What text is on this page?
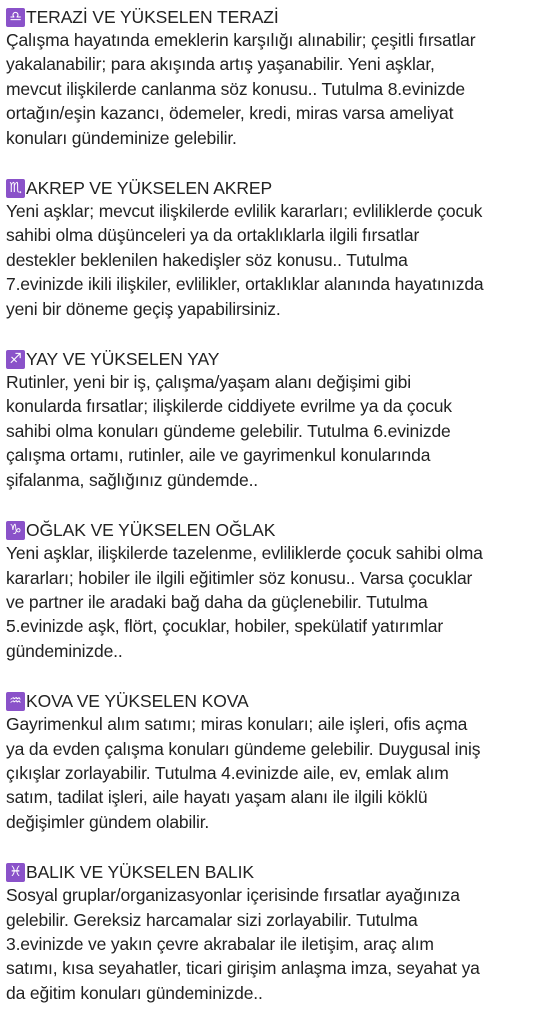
♎ TERAZİ VE YÜKSELEN TERAZİ

Çalışma hayatında emeklerin karşılığı alınabilir; çeşitli fırsatlar
yakalanabilir; para akışında artış yaşanabilir. Yeni aşklar,
mevcut ilişkilerde canlanma söz konusu.. Tutulma 8.evinizde
ortağın/eşin kazancı, ödemeler, kredi, miras varsa ameliyat
konuları gündeminize gelebilir.

♏ AKREP VE YÜKSELEN AKREP

Yeni aşklar; mevcut ilişkilerde evlilik kararları; evliliklerde çocuk
sahibi olma düşünceleri ya da ortaklıklarla ilgili fırsatlar
destekler beklenilen hakedişler söz konusu.. Tutulma
7.evinizde ikili ilişkiler, evlilikler, ortaklıklar alanında hayatınızda
yeni bir döneme geçiş yapabilirsiniz.

♐ YAY VE YÜKSELEN YAY

Rutinler, yeni bir iş, çalışma/yaşam alanı değişimi gibi
konularda fırsatlar; ilişkilerde ciddiyete evrilme ya da çocuk
sahibi olma konuları gündeme gelebilir. Tutulma 6.evinizde
çalışma ortamı, rutinler, aile ve gayrimenkul konularında
şifalanma, sağlığınız gündemde..

♑ OĞLAK VE YÜKSELEN OĞLAK

Yeni aşklar, ilişkilerde tazelenme, evliliklerde çocuk sahibi olma
kararları; hobiler ile ilgili eğitimler söz konusu.. Varsa çocuklar
ve partner ile aradaki bağ daha da güçlenebilir. Tutulma
5.evinizde aşk, flört, çocuklar, hobiler, spekülatif yatırımlar
gündeminizde..

♒ KOVA VE YÜKSELEN KOVA

Gayrimenkul alım satımı; miras konuları; aile işleri, ofis açma
ya da evden çalışma konuları gündeme gelebilir. Duygusal iniş
çıkışlar zorlayabilir. Tutulma 4.evinizde aile, ev, emlak alım
satım, tadilat işleri, aile hayatı yaşam alanı ile ilgili köklü
değişimler gündem olabilir.

♓ BALIK VE YÜKSELEN BALIK

Sosyal gruplar/organizasyonlar içerisinde fırsatlar ayağınıza
gelebilir. Gereksiz harcamalar sizi zorlayabilir. Tutulma
3.evinizde ve yakın çevre akrabalar ile iletişim, araç alım
satımı, kısa seyahatler, ticari girişim anlaşma imza, seyahat ya
da eğitim konuları gündeminizde..
